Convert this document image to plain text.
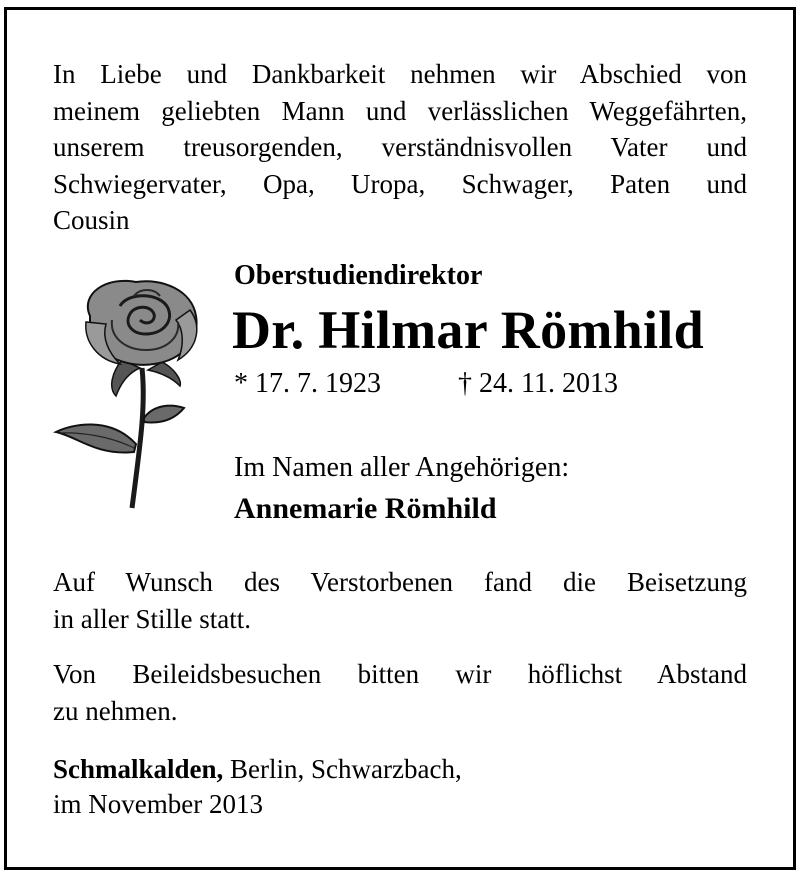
In Liebe und Dankbarkeit nehmen wir Abschied von
meinem geliebten Mann und verlässlichen Weggefährten,
unserem treusorgenden, verständnisvollen Vater und
Schwiegervater, Opa, Uropa, Schwager, Paten und
Cousin
Oberstudiendirektor
Dr. Hilmar Römhild
* 17. 7. 1923	† 24. 11. 2013
Im Namen aller Angehörigen:
Annemarie Römhild
Auf Wunsch des Verstorbenen fand die Beisetzung
in aller Stille statt.
Von Beileidsbesuchen bitten wir höflichst Abstand
zu nehmen.
Schmalkalden, Berlin, Schwarzbach,
im November 2013
